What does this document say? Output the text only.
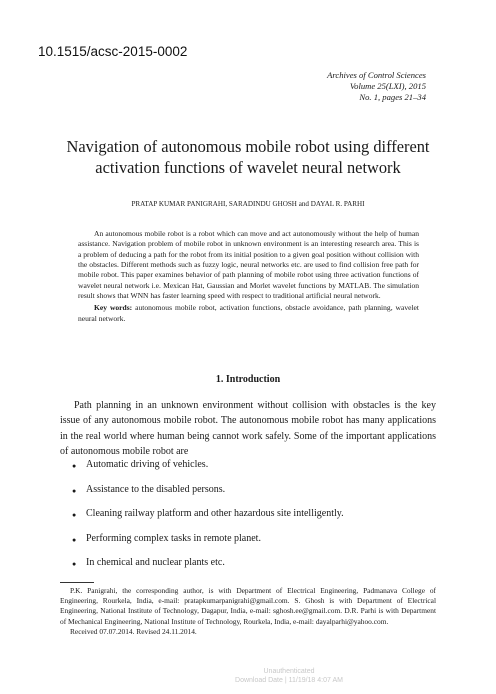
10.1515/acsc-2015-0002
Archives of Control Sciences
Volume 25(LXI), 2015
No. 1, pages 21–34
Navigation of autonomous mobile robot using different
activation functions of wavelet neural network
PRATAP KUMAR PANIGRAHI, SARADINDU GHOSH and DAYAL R. PARHI

An autonomous mobile robot is a robot which can move and act autonomously without the help of human assistance. Navigation problem of mobile robot in unknown environment is an interesting research area. This is a problem of deducing a path for the robot from its initial position to a given goal position without collision with the obstacles. Different methods such as fuzzy logic, neural networks etc. are used to find collision free path for mobile robot. This paper examines behavior of path planning of mobile robot using three activation functions of wavelet neural network i.e. Mexican Hat, Gaussian and Morlet wavelet functions by MATLAB. The simulation result shows that WNN has faster learning speed with respect to traditional artificial neural network.

Key words: autonomous mobile robot, activation functions, obstacle avoidance, path planning, wavelet neural network.

1. Introduction

Path planning in an unknown environment without collision with obstacles is the key issue of any autonomous mobile robot. The autonomous mobile robot has many applications in the real world where human being cannot work safely. Some of the important applications of autonomous mobile robot are

● Automatic driving of vehicles.
● Assistance to the disabled persons.
● Cleaning railway platform and other hazardous site intelligently.
● Performing complex tasks in remote planet.
● In chemical and nuclear plants etc.

P.K. Panigrahi, the corresponding author, is with Department of Electrical Engineering, Padmanava College of Engineering, Rourkela, India, e-mail: pratapkumarpanigrahi@gmail.com. S. Ghosh is with Department of Electrical Engineering, National Institute of Technology, Dagapur, India, e-mail: sghosh.ee@gmail.com. D.R. Parhi is with Department of Mechanical Engineering, National Institute of Technology, Rourkela, India, e-mail: dayalparhi@yahoo.com.

Received 07.07.2014. Revised 24.11.2014.

Unauthenticated
Download Date | 11/19/18 4:07 AM
